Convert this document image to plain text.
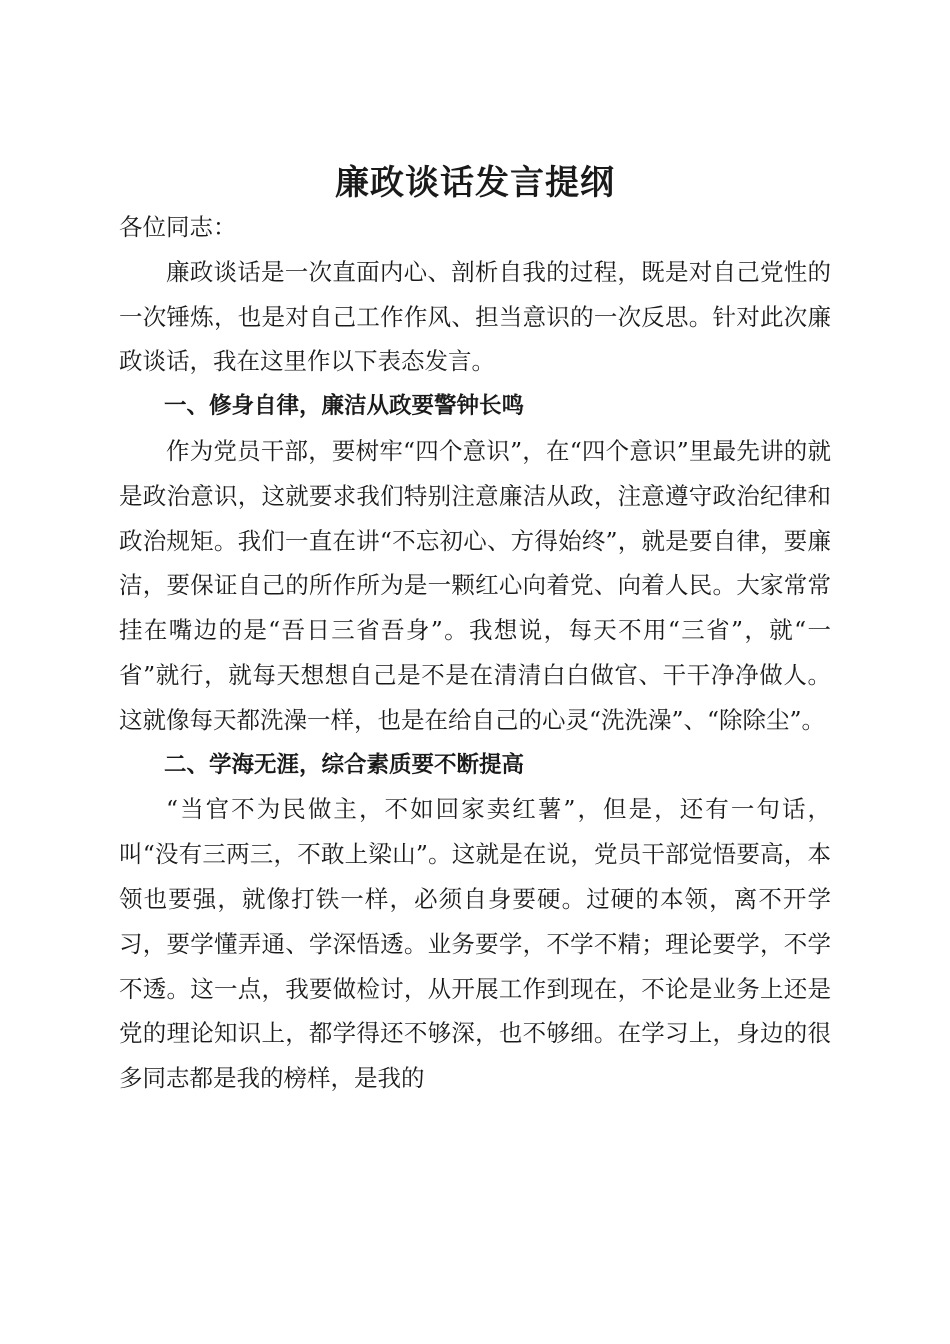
廉政谈话发言提纲

各位同志：

廉政谈话是一次直面内心、剖析自我的过程，既是对自己党性的一次锤炼，也是对自己工作作风、担当意识的一次反思。针对此次廉政谈话，我在这里作以下表态发言。

一、修身自律，廉洁从政要警钟长鸣

作为党员干部，要树牢“四个意识”，在“四个意识”里最先讲的就是政治意识，这就要求我们特别注意廉洁从政，注意遵守政治纪律和政治规矩。我们一直在讲“不忘初心、方得始终”，就是要自律，要廉洁，要保证自己的所作所为是一颗红心向着党、向着人民。大家常常挂在嘴边的是“吾日三省吾身”。我想说，每天不用“三省”，就“一省”就行，就每天想想自己是不是在清清白白做官、干干净净做人。这就像每天都洗澡一样，也是在给自己的心灵“洗洗澡”、“除除尘”。

二、学海无涯，综合素质要不断提高

“当官不为民做主，不如回家卖红薯”，但是，还有一句话，叫“没有三两三，不敢上梁山”。这就是在说，党员干部觉悟要高，本领也要强，就像打铁一样，必须自身要硬。过硬的本领，离不开学习，要学懂弄通、学深悟透。业务要学，不学不精；理论要学，不学不透。这一点，我要做检讨，从开展工作到现在，不论是业务上还是党的理论知识上，都学得还不够深，也不够细。在学习上，身边的很多同志都是我的榜样，是我的
